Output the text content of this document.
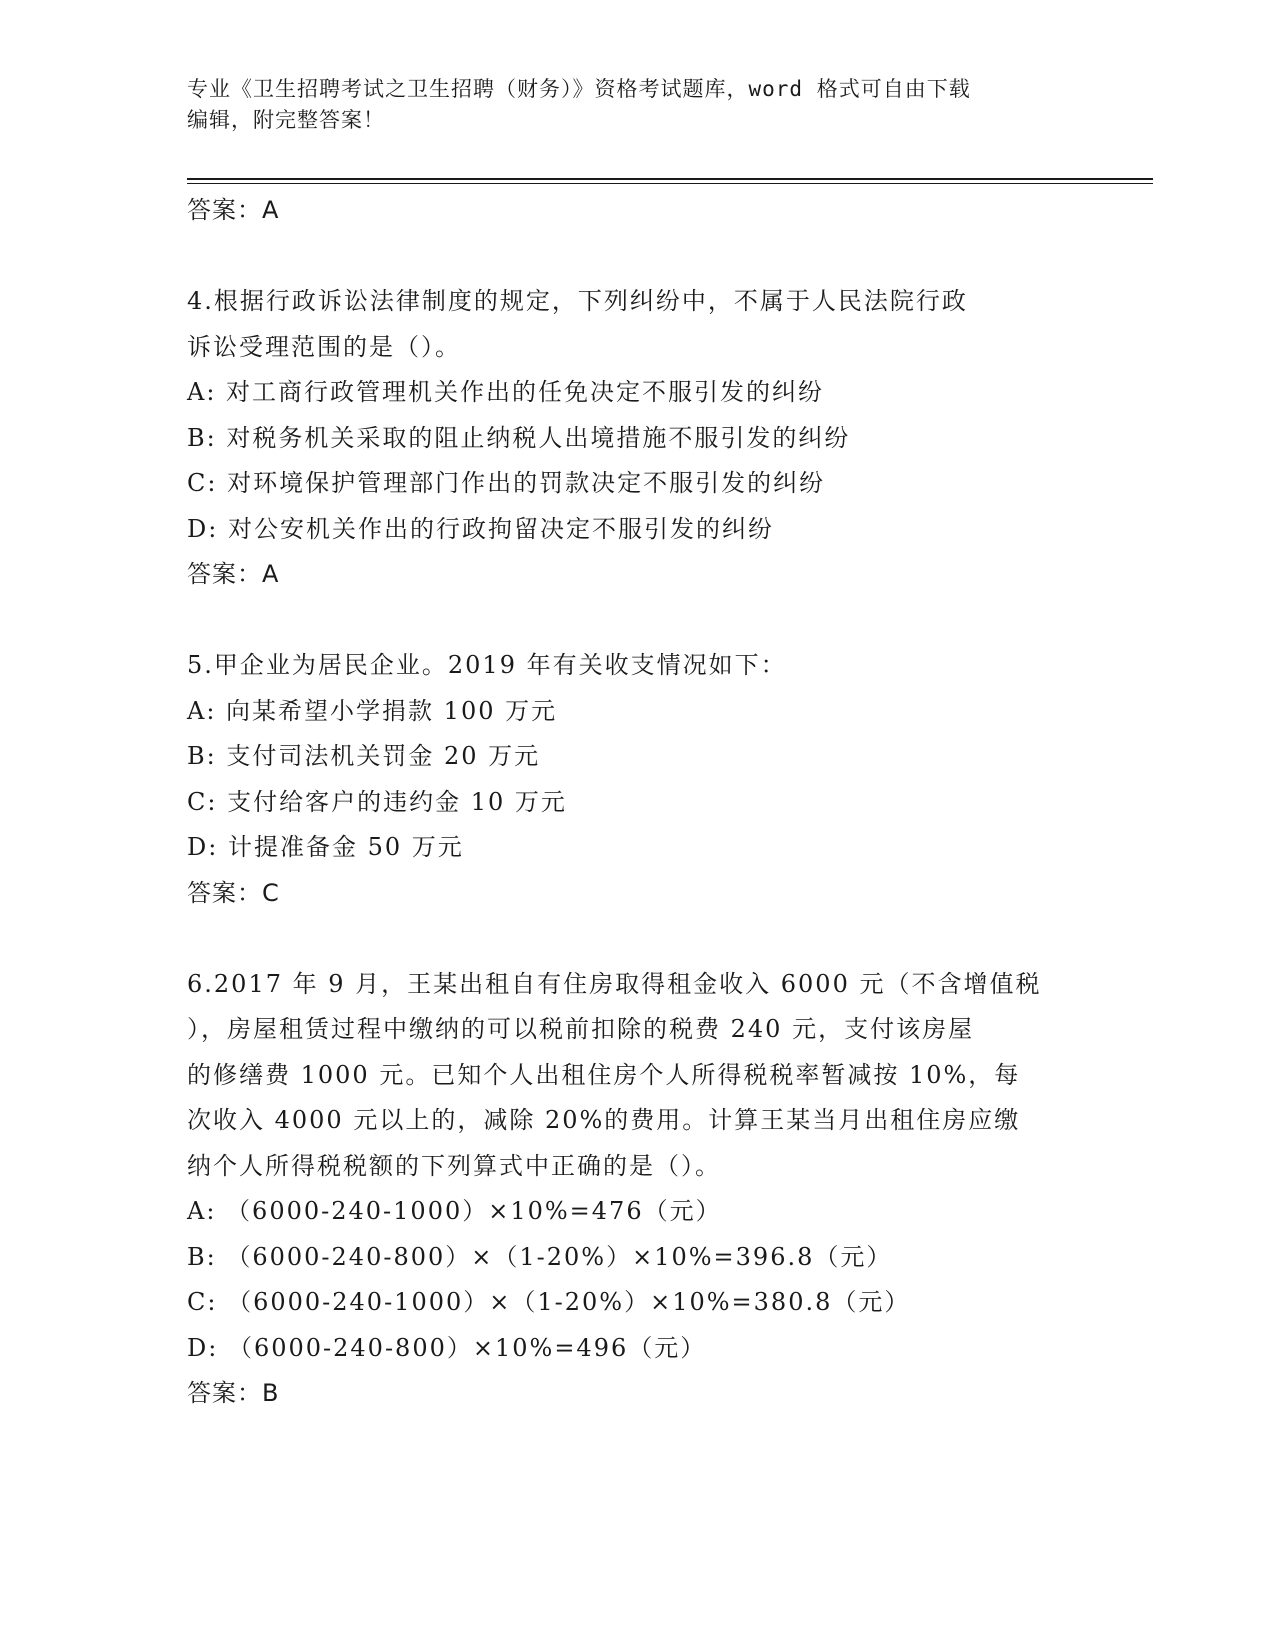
专业《卫生招聘考试之卫生招聘（财务）》资格考试题库，word 格式可自由下载
编辑，附完整答案！
答案：A
4.根据行政诉讼法律制度的规定，下列纠纷中，不属于人民法院行政
诉讼受理范围的是（）。
A: 对工商行政管理机关作出的任免决定不服引发的纠纷
B: 对税务机关采取的阻止纳税人出境措施不服引发的纠纷
C: 对环境保护管理部门作出的罚款决定不服引发的纠纷
D: 对公安机关作出的行政拘留决定不服引发的纠纷
答案：A
5.甲企业为居民企业。2019 年有关收支情况如下：
A: 向某希望小学捐款 100 万元
B: 支付司法机关罚金 20 万元
C: 支付给客户的违约金 10 万元
D: 计提准备金 50 万元
答案：C
6.2017 年 9 月，王某出租自有住房取得租金收入 6000 元（不含增值税
），房屋租赁过程中缴纳的可以税前扣除的税费 240 元，支付该房屋
的修缮费 1000 元。已知个人出租住房个人所得税税率暂减按 10%，每
次收入 4000 元以上的，减除 20%的费用。计算王某当月出租住房应缴
纳个人所得税税额的下列算式中正确的是（）。
A: （6000-240-1000）×10%=476（元）
B: （6000-240-800）×（1-20%）×10%=396.8（元）
C: （6000-240-1000）×（1-20%）×10%=380.8（元）
D: （6000-240-800）×10%=496（元）
答案：B
